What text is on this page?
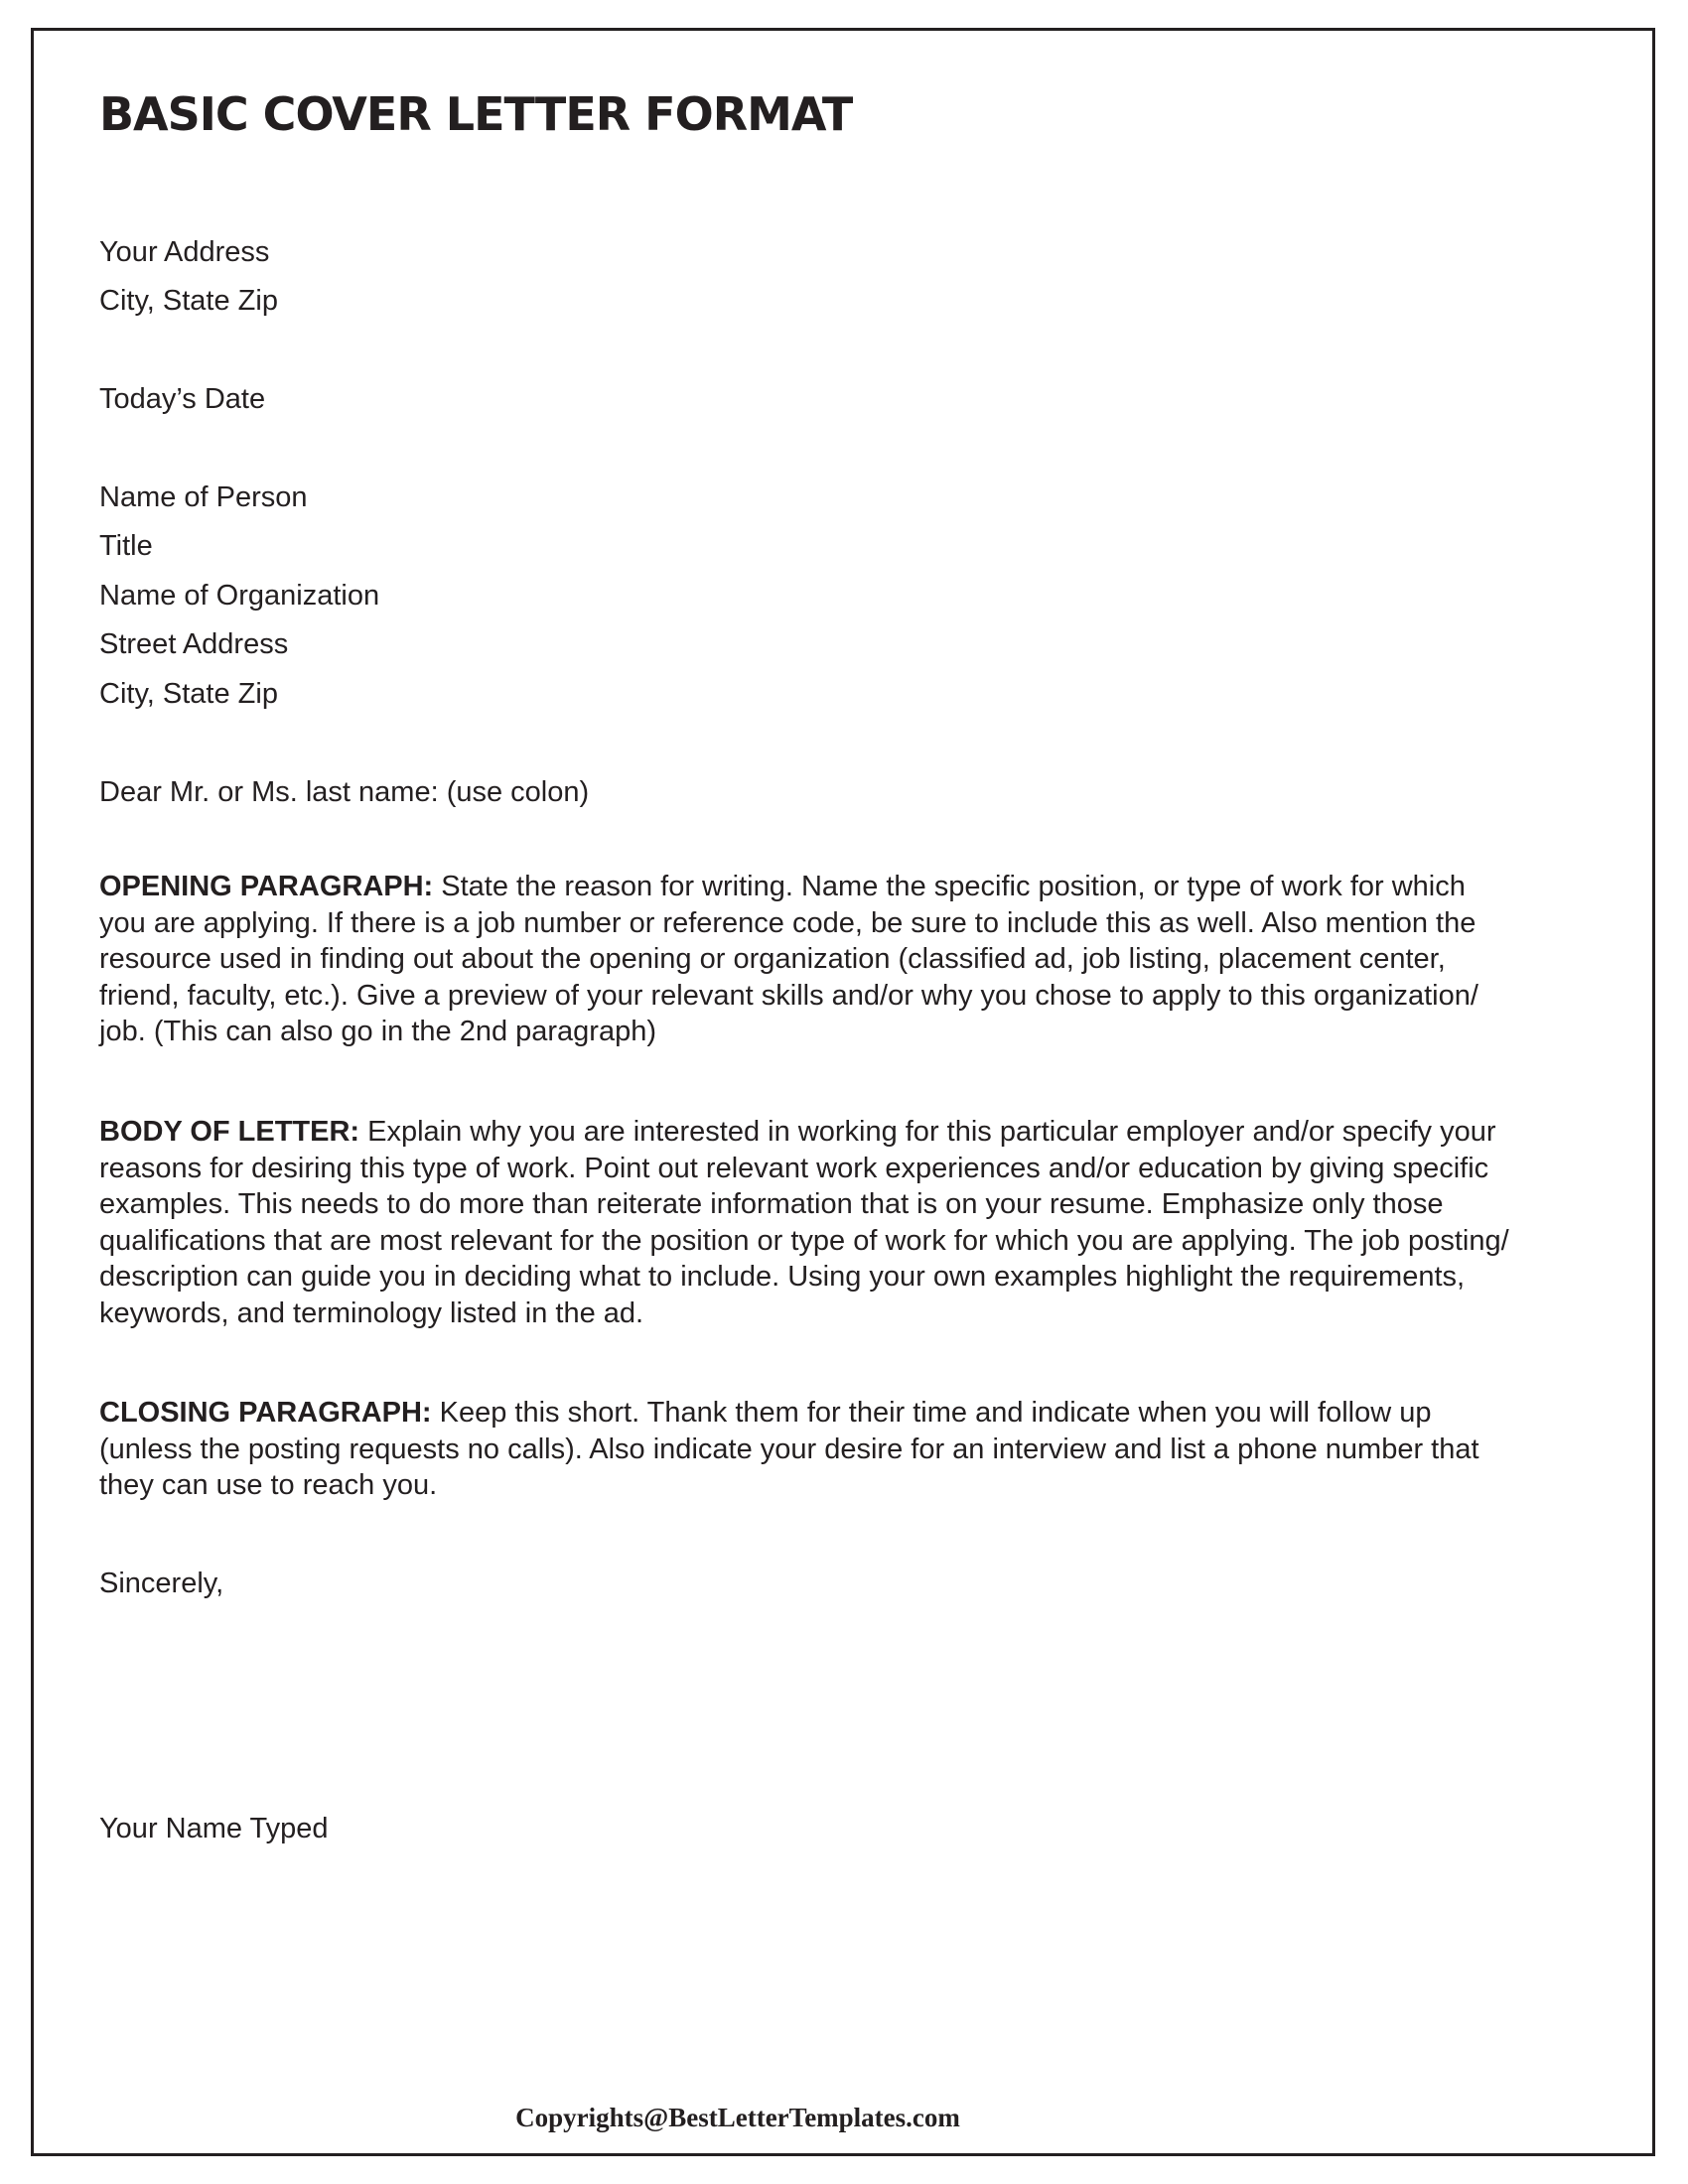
BASIC COVER LETTER FORMAT

Your Address

City, State Zip

Today’s Date

Name of Person

Title

Name of Organization

Street Address

City, State Zip

Dear Mr. or Ms. last name: (use colon)

OPENING PARAGRAPH: State the reason for writing. Name the specific position, or type of work for which
you are applying. If there is a job number or reference code, be sure to include this as well. Also mention the
resource used in finding out about the opening or organization (classified ad, job listing, placement center,
friend, faculty, etc.). Give a preview of your relevant skills and/or why you chose to apply to this organization/
job. (This can also go in the 2nd paragraph)

BODY OF LETTER: Explain why you are interested in working for this particular employer and/or specify your
reasons for desiring this type of work. Point out relevant work experiences and/or education by giving specific
examples. This needs to do more than reiterate information that is on your resume. Emphasize only those
qualifications that are most relevant for the position or type of work for which you are applying. The job posting/
description can guide you in deciding what to include. Using your own examples highlight the requirements,
keywords, and terminology listed in the ad.

CLOSING PARAGRAPH: Keep this short. Thank them for their time and indicate when you will follow up
(unless the posting requests no calls). Also indicate your desire for an interview and list a phone number that
they can use to reach you.

Sincerely,

Your Name Typed

Copyrights@BestLetterTemplates.com
